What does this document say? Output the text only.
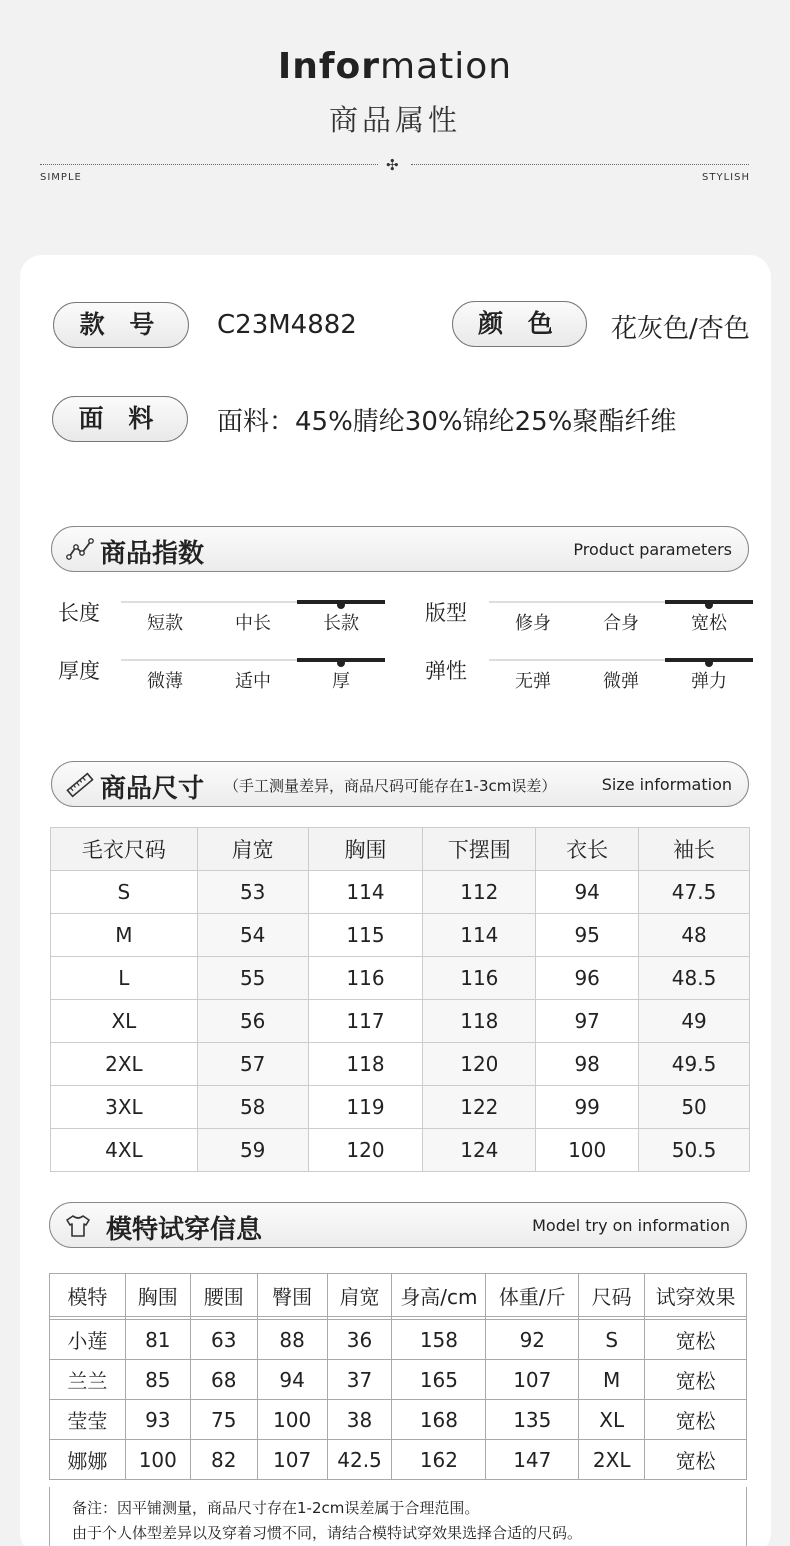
Information
商品属性
✣
SIMPLE	STYLISH
款 号	C23M4882	颜 色	花灰色/杏色
面 料	面料：45%腈纶30%锦纶25%聚酯纤维
商品指数	Product parameters
长度	短款	中长	长款	版型	修身	合身	宽松
厚度	微薄	适中	厚	弹性	无弹	微弹	弹力
商品尺寸 （手工测量差异，商品尺码可能存在1-3cm误差）	Size information
毛衣尺码	肩宽	胸围	下摆围	衣长	袖长
S	53	114	112	94	47.5
M	54	115	114	95	48
L	55	116	116	96	48.5
XL	56	117	118	97	49
2XL	57	118	120	98	49.5
3XL	58	119	122	99	50
4XL	59	120	124	100	50.5
模特试穿信息	Model try on information
模特	胸围	腰围	臀围	肩宽	身高/cm	体重/斤	尺码	试穿效果

小莲	81	63	88	36	158	92	S	宽松
兰兰	85	68	94	37	165	107	M	宽松
莹莹	93	75	100	38	168	135	XL	宽松
娜娜	100	82	107	42.5	162	147	2XL	宽松
备注：因平铺测量，商品尺寸存在1-2cm误差属于合理范围。
由于个人体型差异以及穿着习惯不同，请结合模特试穿效果选择合适的尺码。
